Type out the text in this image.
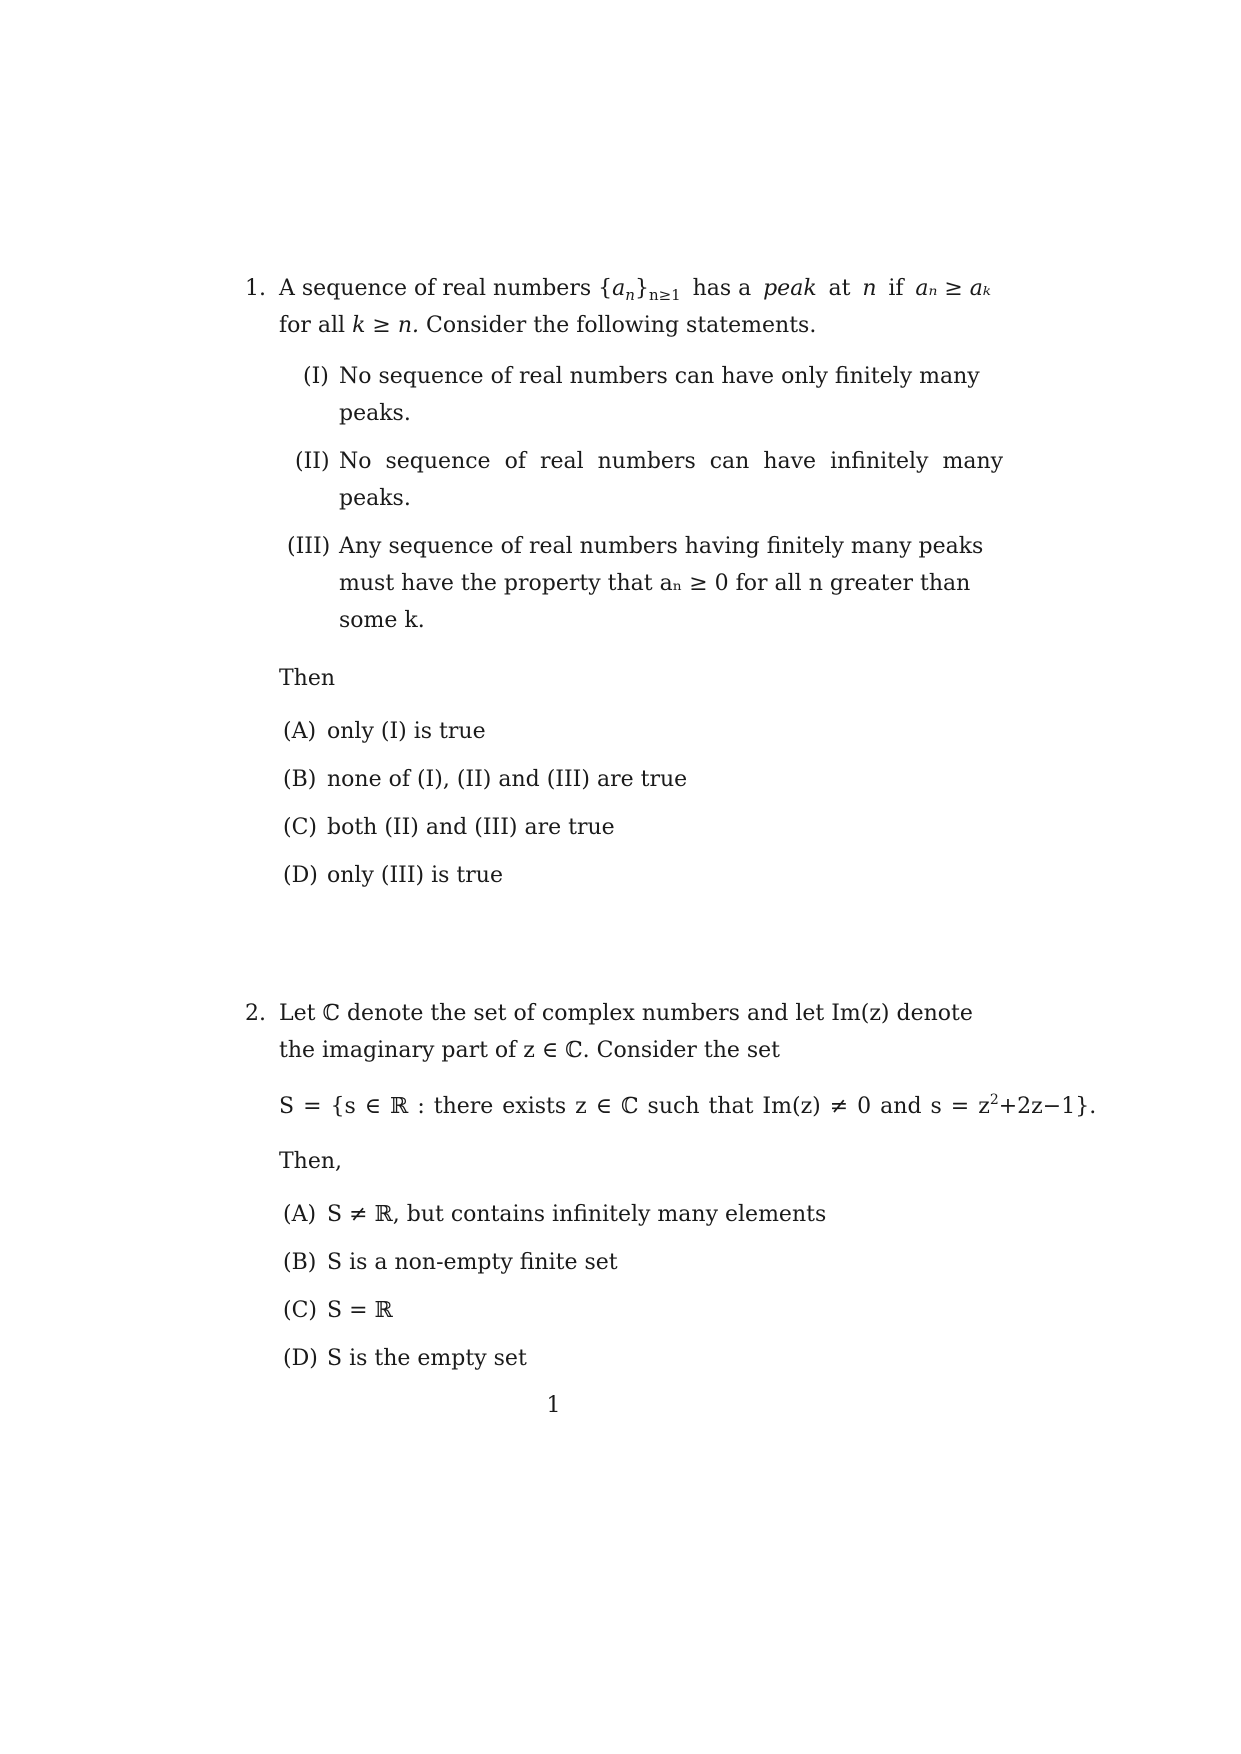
1. A sequence of real numbers $\{a_n\}_{n\ge 1}$ has a peak at n if aₙ ≥ aₖ
for all k ≥ n. Consider the following statements.
(I) No sequence of real numbers can have only finitely many
peaks.
(II) No sequence of real numbers can have infinitely many
peaks.
(III) Any sequence of real numbers having finitely many peaks
must have the property that aₙ ≥ 0 for all n greater than
some k.
Then
(A) only (I) is true
(B) none of (I), (II) and (III) are true
(C) both (II) and (III) are true
(D) only (III) is true
2. Let ℂ denote the set of complex numbers and let Im(z) denote
the imaginary part of z ∈ ℂ. Consider the set
S = {s ∈ ℝ : there exists z ∈ ℂ such that Im(z) ≠ 0 and $s = z^2+2z-1$}.
Then,
(A) S ≠ ℝ, but contains infinitely many elements
(B) S is a non-empty finite set
(C) S = ℝ
(D) S is the empty set
1
